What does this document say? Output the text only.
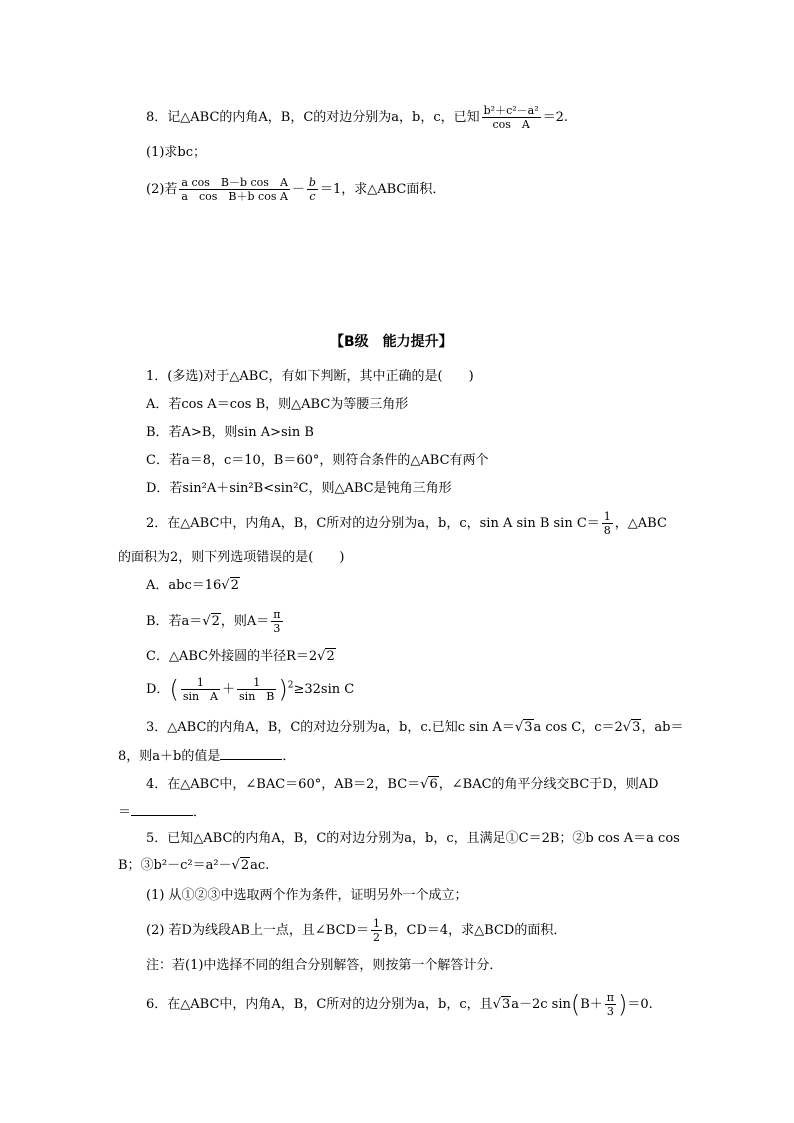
8．记△ABC的内角A，B，C的对边分别为a，b，c，已知 $\frac{\text{b²＋c²－a²}}{\text{cos　A}} =2$.
(1)求bc；
(2)若 $\frac{\text{a cos　B－b cos　A}}{\text{a　cos　B＋b cos A}} - \frac{b}{c} =1$，求△ABC面积．
【B级　能力提升】
1．(多选)对于△ABC，有如下判断，其中正确的是(　　)
A．若cos A＝cos B，则△ABC为等腰三角形
B．若A>B，则sin A>sin B
C．若a＝8，c＝10，B＝60°，则符合条件的△ABC有两个
D．若sin²A＋sin²B<sin²C，则△ABC是钝角三角形
2．在△ABC中，内角A，B，C所对的边分别为a，b，c，sin A sin B $\sin C= \frac{1}{8}$ ，△ABC
的面积为2，则下列选项错误的是(　　)
A．abc＝16√2
B．若a＝√2，则$A= \frac{\pi}{3}$
C．△ABC外接圆的半径R＝2√2
D．( $\frac{1}{\text{sin　A}} + \frac{1}{\text{sin　B}} )^2\ge 32\sin$ C
3．△ABC的内角A，B，C的对边分别为a，b，c.已知c sin A＝√3a cos C，c＝2√3，ab＝
8，则a＋b的值是	．
4．在△ABC中，∠BAC＝60°，AB＝2，BC＝√6，∠BAC的角平分线交BC于D，则AD
＝	．
5．已知△ABC的内角A，B，C的对边分别为a，b，c，且满足①C＝2B；②b cos A＝a cos
B；③b²－c²＝a²－√2ac.
(1) 从①②③中选取两个作为条件，证明另外一个成立；
(2) 若D为线段AB上一点，且∠BCD＝ $\frac{1}{2}$ B，CD＝4，求△BCD的面积．
注：若(1)中选择不同的组合分别解答，则按第一个解答计分．
6．在△ABC中，内角A，B，C所对的边分别为a，b，c，且√3a－2c $\sin(B+ \frac{\pi}{3} )=0$.
